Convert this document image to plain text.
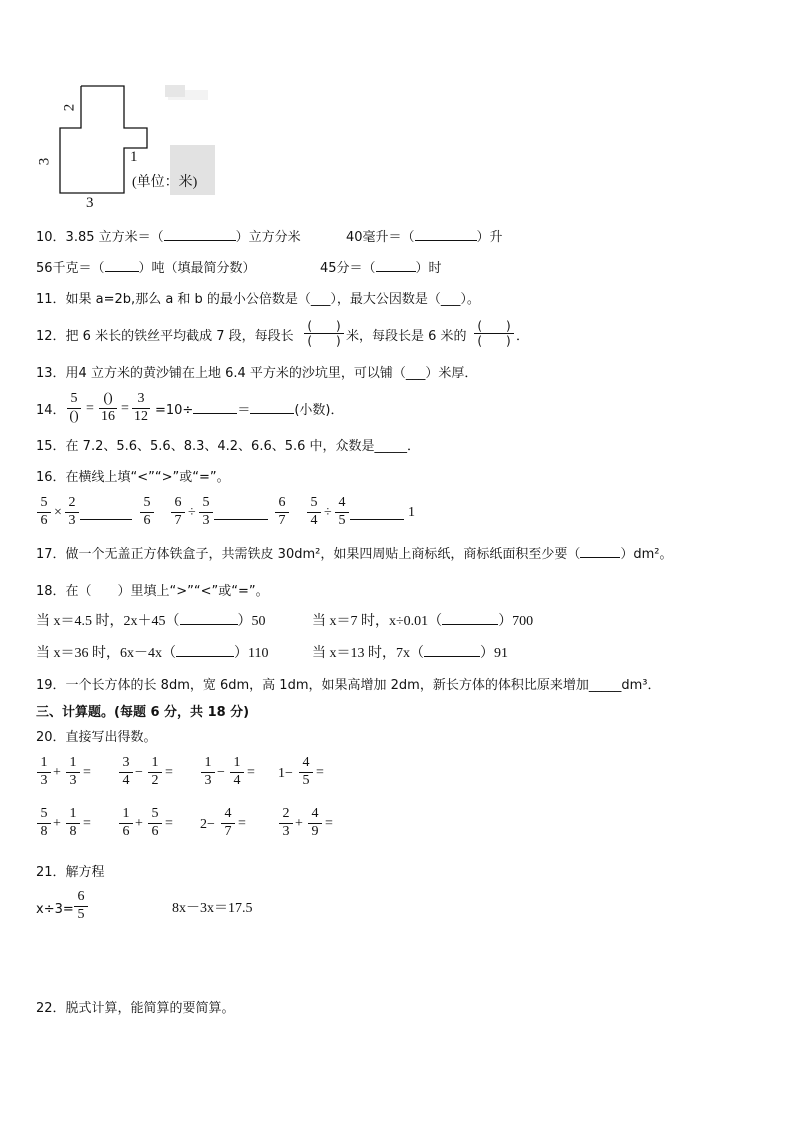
2
3	1
3
(单位：米)
10．3.85 立方米＝（	）立方分米	40毫升＝（	）升
56千克＝（	）吨（填最简分数）	45分＝（	）时
11．如果 a=2b,那么 a 和 b 的最小公倍数是（___），最大公因数是（___）。
12．把 6 米长的铁丝平均截成 7 段，每段长
(　　)
(　　) 米，每段长是 6 米的
(　　)
(　　) ．
13．用4 立方米的黄沙铺在上地 6.4 平方米的沙坑里，可以铺（___）米厚．
14．
5
()
=
()
16
=
3
12 =10÷	＝	(小数)．
15．在 7.2、5.6、5.6、8.3、4.2、6.6、5.6 中，众数是_____．
16．在横线上填“<”“>”或“=”。
5
6
×
2
3
5
6
6
7
÷
5
3
6
7
5
4
÷
4
5
1
17．做一个无盖正方体铁盒子，共需铁皮 30dm²，如果四周贴上商标纸，商标纸面积至少要（	）dm²。
18．在（　　）里填上“>”“<”或“=”。
当 x＝4.5 时，2x＋45（	）50	当 x＝7 时，x÷0.01（	）700
当 x＝36 时，6x－4x（	）110	当 x＝13 时，7x（	）91
19．一个长方体的长 8dm，宽 6dm，高 1dm，如果高增加 2dm，新长方体的体积比原来增加_____dm³．
三、计算题。(每题 6 分，共 18 分)
20．直接写出得数。
1
3
+
1
3
=
3
4
−
1
2
=
1
3
−
1
4
= 1−
4
5
=
5
8
+
1
8
=
1
6
+
5
6
= 2−
4
7
=
2
3
+
4
9
=
21．解方程
x÷3=
6
5	8x－3x＝17.5
22．脱式计算，能简算的要简算。
